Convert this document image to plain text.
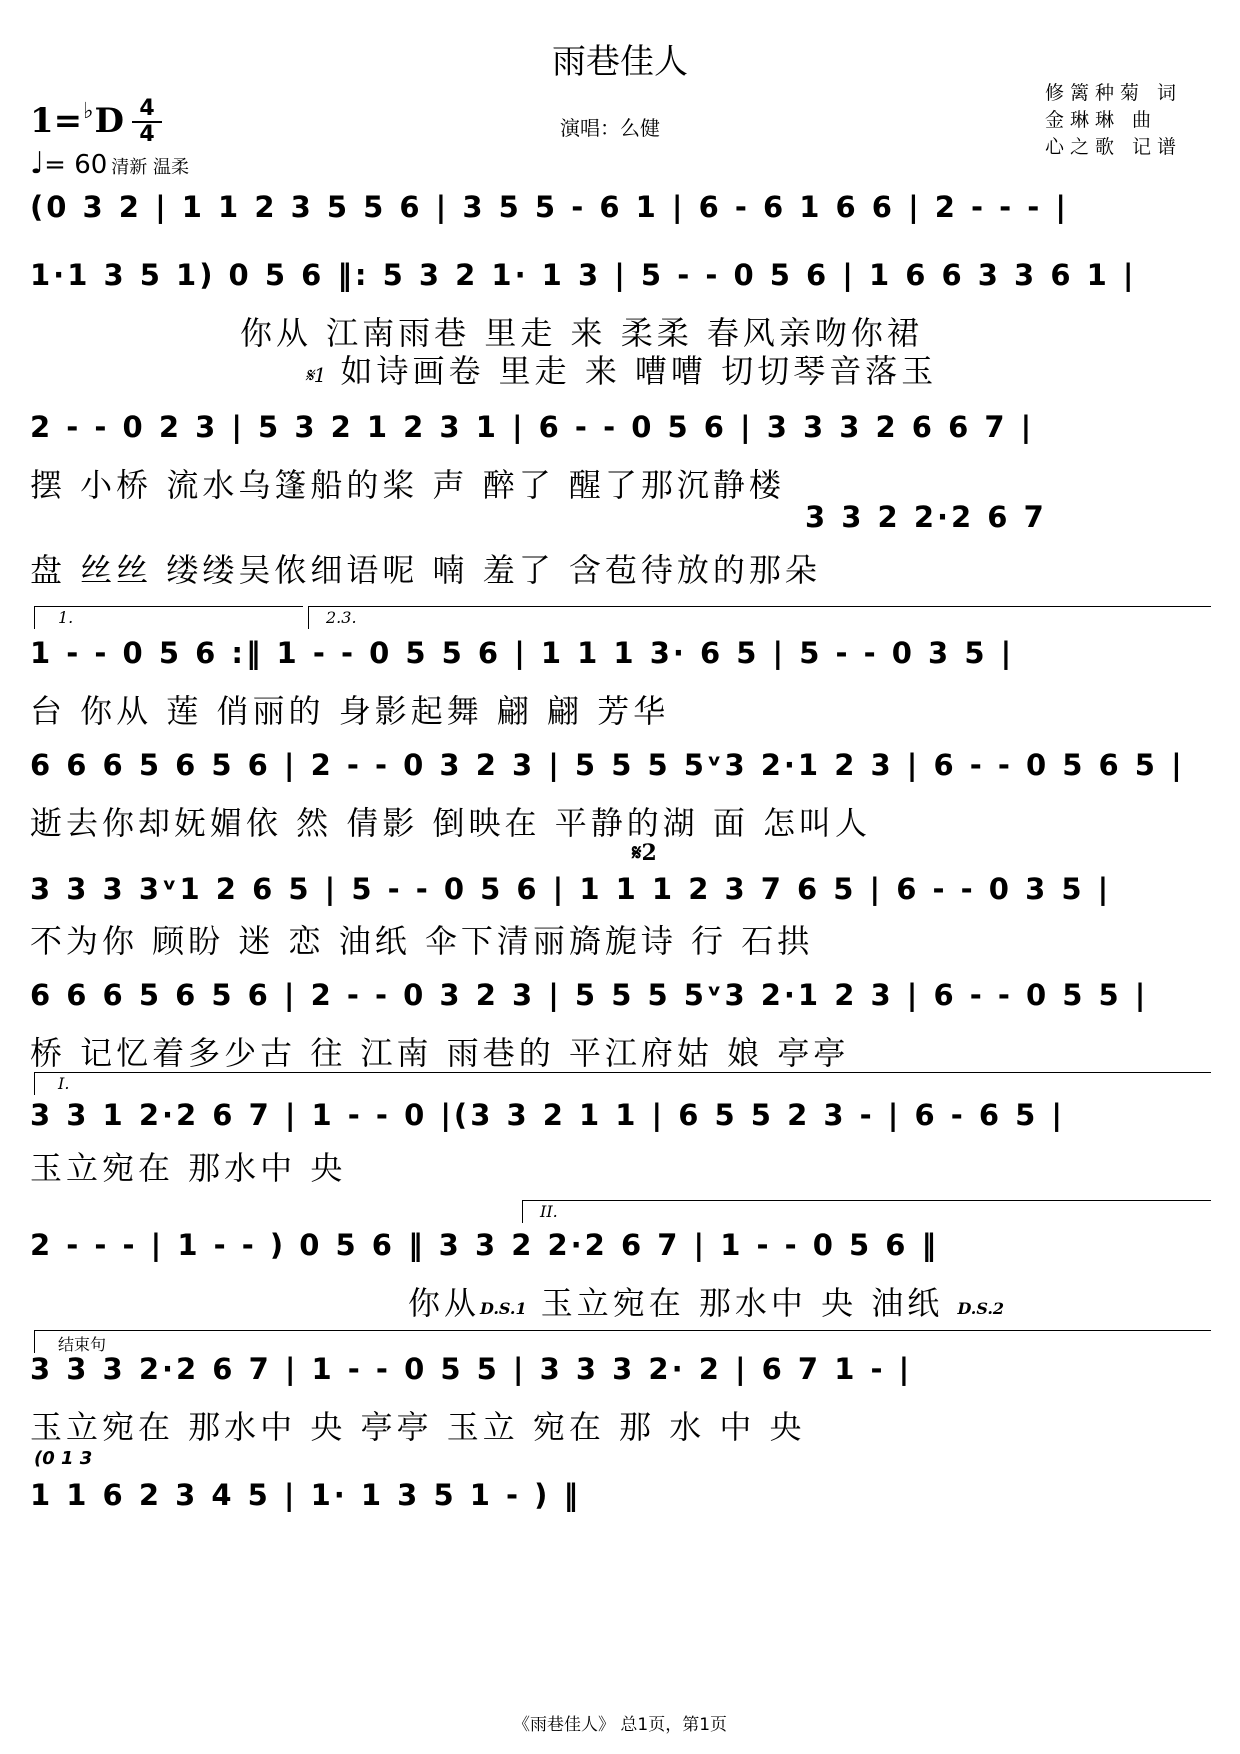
雨巷佳人
1=♭D 4
4
♩= 60 清新 温柔
演唱：么健
修篱种菊 词
金琳琳 曲
心之歌 记谱
(0 3 2 | 1 1 2 3 5 5 6 | 3 5 5 - 6 1 | 6 - 6 1 6 6 | 2 - - - |
1·1 3 5 1) 0 5 6 ‖: 5 3 2 1· 1 3 | 5 - - 0 5 6 | 1 6 6 3 3 6 1 |
你从 江南雨巷 里走 来 柔柔 春风亲吻你裙
𝄋1 如诗画卷 里走 来 嘈嘈 切切琴音落玉
2 - - 0 2 3 | 5 3 2 1 2 3 1 | 6 - - 0 5 6 | 3 3 3 2 6 6 7 |
摆 小桥 流水乌篷船的桨 声 醉了 醒了那沉静楼
3 3 2 2·2 6 7
盘 丝丝 缕缕吴侬细语呢 喃 羞了 含苞待放的那朵
1.	2.3.
1 - - 0 5 6 :‖ 1 - - 0 5 5 6 | 1 1 1 3· 6 5 | 5 - - 0 3 5 |
台 你从 莲 俏丽的 身影起舞 翩 翩 芳华
6 6 6 5 6 5 6 | 2 - - 0 3 2 3 | 5 5 5 5ᵛ3 2·1 2 3 | 6 - - 0 5 6 5 |
逝去你却妩媚依 然 倩影 倒映在 平静的湖 面 怎叫人
𝄋2
3 3 3 3ᵛ1 2 6 5 | 5 - - 0 5 6 | 1 1 1 2 3 7 6 5 | 6 - - 0 3 5 |
不为你 顾盼 迷 恋 油纸 伞下清丽旖旎诗 行 石拱
6 6 6 5 6 5 6 | 2 - - 0 3 2 3 | 5 5 5 5ᵛ3 2·1 2 3 | 6 - - 0 5 5 |
桥 记忆着多少古 往 江南 雨巷的 平江府姑 娘 亭亭
I.
3 3 1 2·2 6 7 | 1 - - 0 |(3 3 2 1 1 | 6 5 5 2 3 - | 6 - 6 5 |
玉立宛在 那水中 央
II.
2 - - - | 1 - - ) 0 5 6 ‖ 3 3 2 2·2 6 7 | 1 - - 0 5 6 ‖
你从D.S.1 玉立宛在 那水中 央 油纸 D.S.2
结束句
3 3 3 2·2 6 7 | 1 - - 0 5 5 | 3 3 3 2· 2 | 6 7 1 - |
玉立宛在 那水中 央 亭亭 玉立 宛在 那 水 中 央
(0 1 3
1 1 6 2 3 4 5 | 1· 1 3 5 1 - ) ‖
《雨巷佳人》 总1页，第1页
